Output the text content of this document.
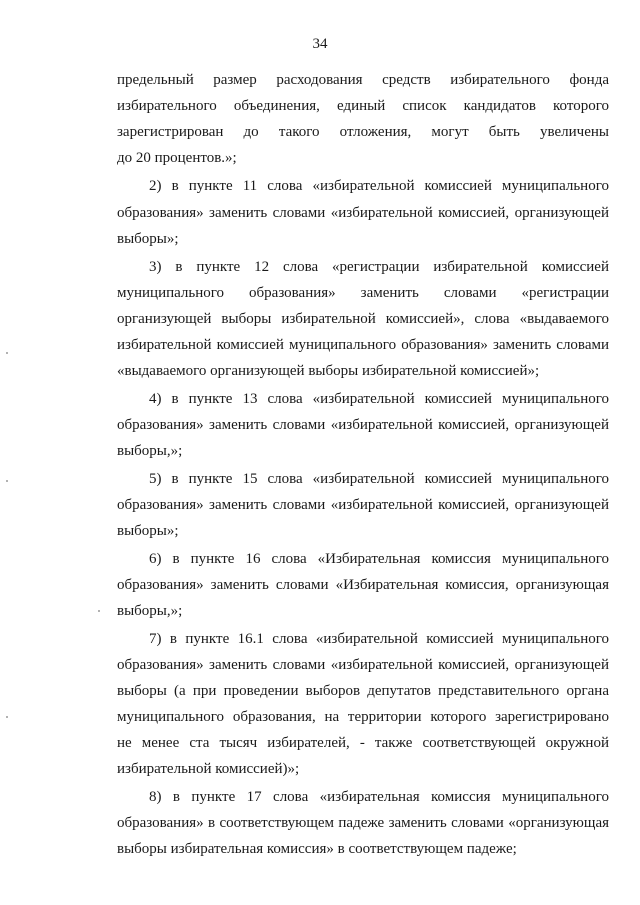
34
предельный размер расходования средств избирательного фонда
избирательного объединения, единый список кандидатов которого
зарегистрирован до такого отложения, могут быть увеличены
до 20 процентов.»;
2) в пункте 11 слова «избирательной комиссией муниципального
образования» заменить словами «избирательной комиссией, организующей
выборы»;
3) в пункте 12 слова «регистрации избирательной комиссией
муниципального образования» заменить словами «регистрации
организующей выборы избирательной комиссией», слова «выдаваемого
избирательной комиссией муниципального образования» заменить словами
«выдаваемого организующей выборы избирательной комиссией»;
4) в пункте 13 слова «избирательной комиссией муниципального
образования» заменить словами «избирательной комиссией, организующей
выборы,»;
5) в пункте 15 слова «избирательной комиссией муниципального
образования» заменить словами «избирательной комиссией, организующей
выборы»;
6) в пункте 16 слова «Избирательная комиссия муниципального
образования» заменить словами «Избирательная комиссия, организующая
выборы,»;
7) в пункте 16.1 слова «избирательной комиссией муниципального
образования» заменить словами «избирательной комиссией, организующей
выборы (а при проведении выборов депутатов представительного органа
муниципального образования, на территории которого зарегистрировано
не менее ста тысяч избирателей, - также соответствующей окружной
избирательной комиссией)»;
8) в пункте 17 слова «избирательная комиссия муниципального
образования» в соответствующем падеже заменить словами «организующая
выборы избирательная комиссия» в соответствующем падеже;
